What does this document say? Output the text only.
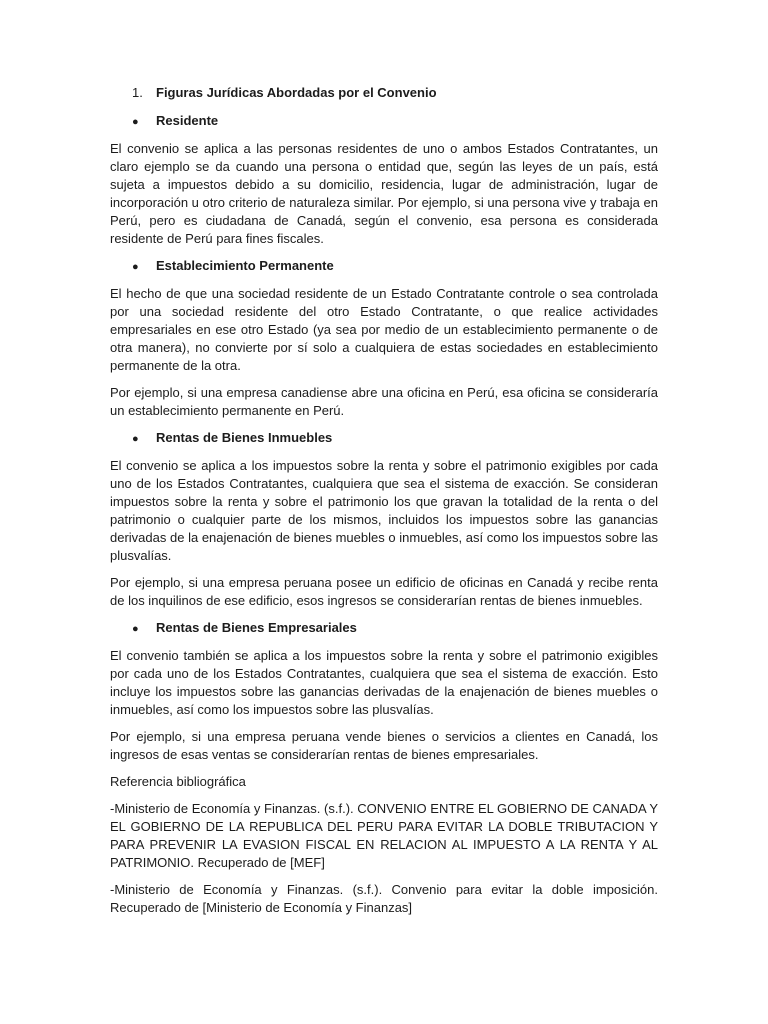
1.	Figuras Jurídicas Abordadas por el Convenio
●	Residente

El convenio se aplica a las personas residentes de uno o ambos Estados Contratantes, un claro ejemplo se da cuando una persona o entidad que, según las leyes de un país, está sujeta a impuestos debido a su domicilio, residencia, lugar de administración, lugar de incorporación u otro criterio de naturaleza similar. Por ejemplo, si una persona vive y trabaja en Perú, pero es ciudadana de Canadá, según el convenio, esa persona es considerada residente de Perú para fines fiscales.

●	Establecimiento Permanente

El hecho de que una sociedad residente de un Estado Contratante controle o sea controlada por una sociedad residente del otro Estado Contratante, o que realice actividades empresariales en ese otro Estado (ya sea por medio de un establecimiento permanente o de otra manera), no convierte por sí solo a cualquiera de estas sociedades en establecimiento permanente de la otra.

Por ejemplo, si una empresa canadiense abre una oficina en Perú, esa oficina se consideraría un establecimiento permanente en Perú.

●	Rentas de Bienes Inmuebles

El convenio se aplica a los impuestos sobre la renta y sobre el patrimonio exigibles por cada uno de los Estados Contratantes, cualquiera que sea el sistema de exacción. Se consideran impuestos sobre la renta y sobre el patrimonio los que gravan la totalidad de la renta o del patrimonio o cualquier parte de los mismos, incluidos los impuestos sobre las ganancias derivadas de la enajenación de bienes muebles o inmuebles, así como los impuestos sobre las plusvalías.

Por ejemplo, si una empresa peruana posee un edificio de oficinas en Canadá y recibe renta de los inquilinos de ese edificio, esos ingresos se considerarían rentas de bienes inmuebles.

●	Rentas de Bienes Empresariales

El convenio también se aplica a los impuestos sobre la renta y sobre el patrimonio exigibles por cada uno de los Estados Contratantes, cualquiera que sea el sistema de exacción. Esto incluye los impuestos sobre las ganancias derivadas de la enajenación de bienes muebles o inmuebles, así como los impuestos sobre las plusvalías.

Por ejemplo, si una empresa peruana vende bienes o servicios a clientes en Canadá, los ingresos de esas ventas se considerarían rentas de bienes empresariales.

Referencia bibliográfica

-Ministerio de Economía y Finanzas. (s.f.). CONVENIO ENTRE EL GOBIERNO DE CANADA Y EL GOBIERNO DE LA REPUBLICA DEL PERU PARA EVITAR LA DOBLE TRIBUTACION Y PARA PREVENIR LA EVASION FISCAL EN RELACION AL IMPUESTO A LA RENTA Y AL PATRIMONIO. Recuperado de [MEF]

-Ministerio de Economía y Finanzas. (s.f.). Convenio para evitar la doble imposición. Recuperado de [Ministerio de Economía y Finanzas]
